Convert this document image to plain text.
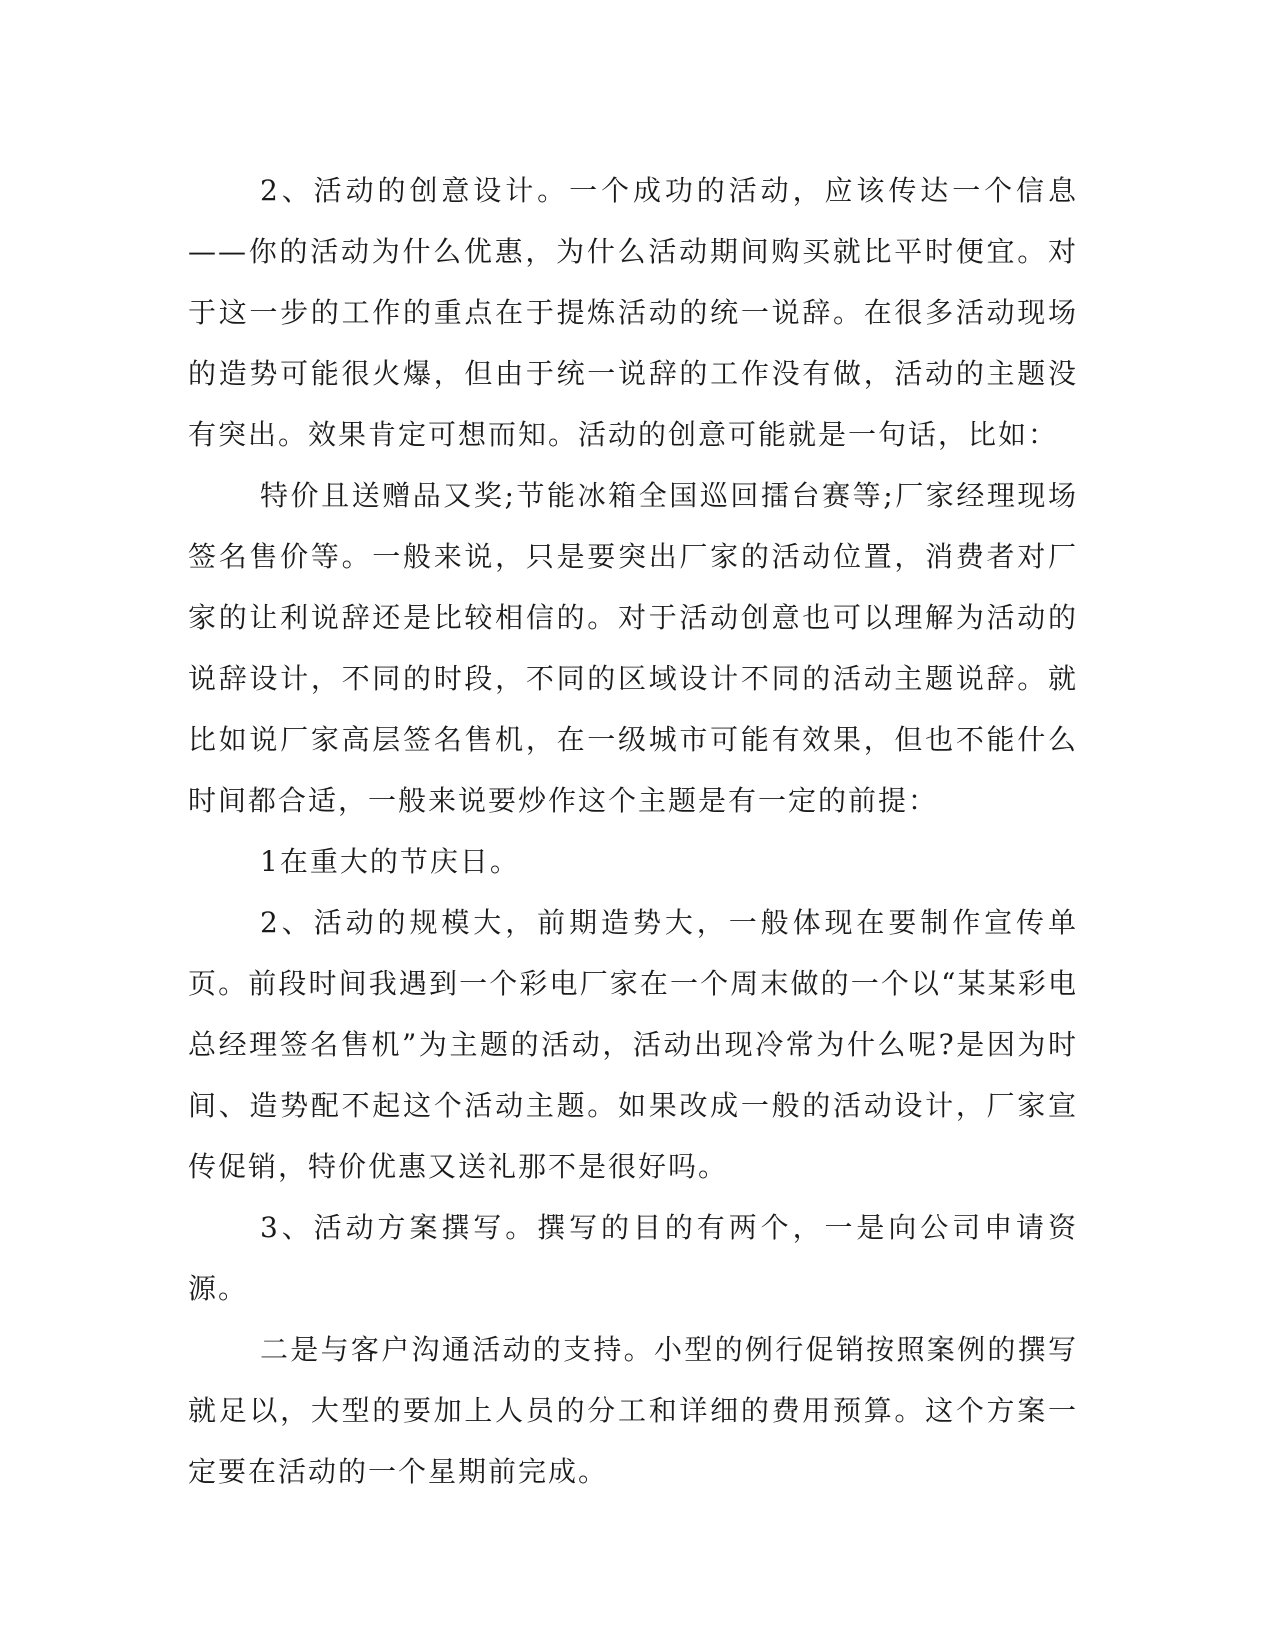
2、活动的创意设计。一个成功的活动，应该传达一个信息——你的活动为什么优惠，为什么活动期间购买就比平时便宜。对于这一步的工作的重点在于提炼活动的统一说辞。在很多活动现场的造势可能很火爆，但由于统一说辞的工作没有做，活动的主题没有突出。效果肯定可想而知。活动的创意可能就是一句话，比如：

特价且送赠品又奖;节能冰箱全国巡回擂台赛等;厂家经理现场签名售价等。一般来说，只是要突出厂家的活动位置，消费者对厂家的让利说辞还是比较相信的。对于活动创意也可以理解为活动的说辞设计，不同的时段，不同的区域设计不同的活动主题说辞。就比如说厂家高层签名售机，在一级城市可能有效果，但也不能什么时间都合适，一般来说要炒作这个主题是有一定的前提：

1在重大的节庆日。

2、活动的规模大，前期造势大，一般体现在要制作宣传单页。前段时间我遇到一个彩电厂家在一个周末做的一个以“某某彩电总经理签名售机”为主题的活动，活动出现冷常为什么呢?是因为时间、造势配不起这个活动主题。如果改成一般的活动设计，厂家宣传促销，特价优惠又送礼那不是很好吗。

3、活动方案撰写。撰写的目的有两个，一是向公司申请资源。

二是与客户沟通活动的支持。小型的例行促销按照案例的撰写就足以，大型的要加上人员的分工和详细的费用预算。这个方案一定要在活动的一个星期前完成。
